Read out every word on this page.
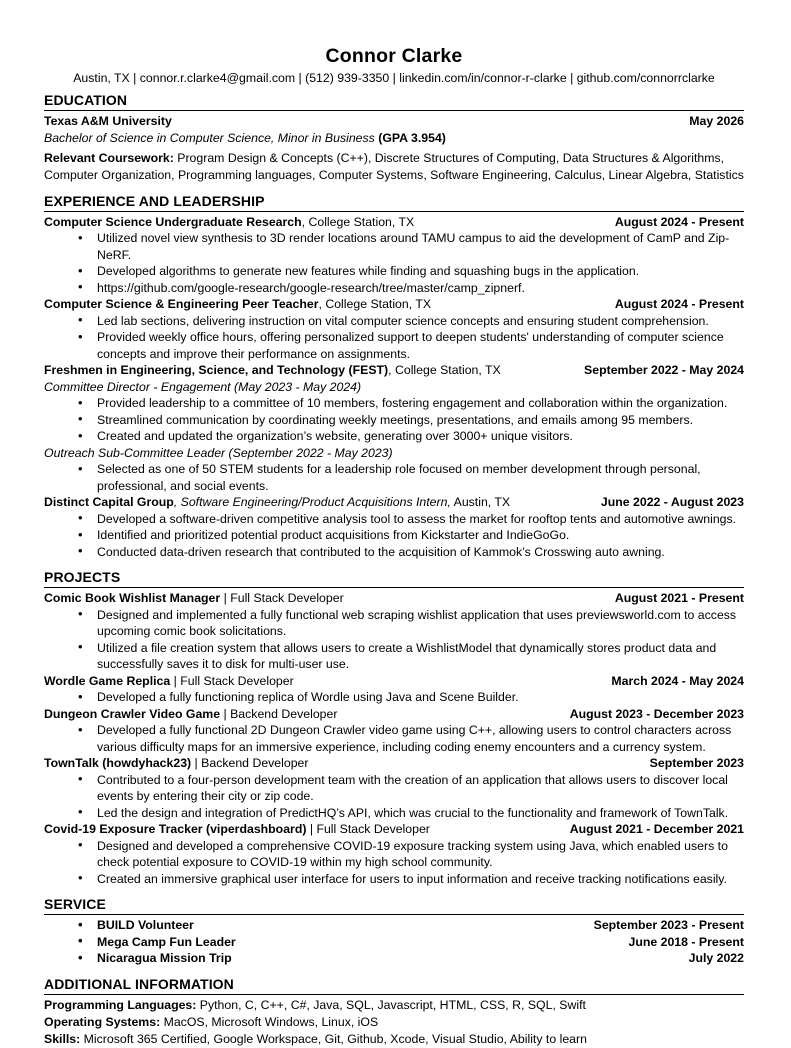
Connor Clarke
Austin, TX | connor.r.clarke4@gmail.com | (512) 939-3350 | linkedin.com/in/connor-r-clarke | github.com/connorrclarke
EDUCATION
Texas A&M University	May 2026
Bachelor of Science in Computer Science, Minor in Business (GPA 3.954)
Relevant Coursework: Program Design & Concepts (C++), Discrete Structures of Computing, Data Structures & Algorithms, Computer Organization, Programming languages, Computer Systems, Software Engineering, Calculus, Linear Algebra, Statistics
EXPERIENCE AND LEADERSHIP
Computer Science Undergraduate Research, College Station, TX	August 2024 - Present
• Utilized novel view synthesis to 3D render locations around TAMU campus to aid the development of CamP and Zip-NeRF.
• Developed algorithms to generate new features while finding and squashing bugs in the application.
• https://github.com/google-research/google-research/tree/master/camp_zipnerf.
Computer Science & Engineering Peer Teacher, College Station, TX	August 2024 - Present
• Led lab sections, delivering instruction on vital computer science concepts and ensuring student comprehension.
• Provided weekly office hours, offering personalized support to deepen students' understanding of computer science concepts and improve their performance on assignments.
Freshmen in Engineering, Science, and Technology (FEST), College Station, TX	September 2022 - May 2024
Committee Director - Engagement (May 2023 - May 2024)
• Provided leadership to a committee of 10 members, fostering engagement and collaboration within the organization.
• Streamlined communication by coordinating weekly meetings, presentations, and emails among 95 members.
• Created and updated the organization’s website, generating over 3000+ unique visitors.
Outreach Sub-Committee Leader (September 2022 - May 2023)
• Selected as one of 50 STEM students for a leadership role focused on member development through personal, professional, and social events.
Distinct Capital Group, Software Engineering/Product Acquisitions Intern, Austin, TX	June 2022 - August 2023
• Developed a software-driven competitive analysis tool to assess the market for rooftop tents and automotive awnings.
• Identified and prioritized potential product acquisitions from Kickstarter and IndieGoGo.
• Conducted data-driven research that contributed to the acquisition of Kammok’s Crosswing auto awning.
PROJECTS
Comic Book Wishlist Manager | Full Stack Developer	August 2021 - Present
• Designed and implemented a fully functional web scraping wishlist application that uses previewsworld.com to access upcoming comic book solicitations.
• Utilized a file creation system that allows users to create a WishlistModel that dynamically stores product data and successfully saves it to disk for multi-user use.
Wordle Game Replica | Full Stack Developer	March 2024 - May 2024
• Developed a fully functioning replica of Wordle using Java and Scene Builder.
Dungeon Crawler Video Game | Backend Developer	August 2023 - December 2023
• Developed a fully functional 2D Dungeon Crawler video game using C++, allowing users to control characters across various difficulty maps for an immersive experience, including coding enemy encounters and a currency system.
TownTalk (howdyhack23) | Backend Developer	September 2023
• Contributed to a four-person development team with the creation of an application that allows users to discover local events by entering their city or zip code.
• Led the design and integration of PredictHQ’s API, which was crucial to the functionality and framework of TownTalk.
Covid-19 Exposure Tracker (viperdashboard) | Full Stack Developer	August 2021 - December 2021
• Designed and developed a comprehensive COVID-19 exposure tracking system using Java, which enabled users to check potential exposure to COVID-19 within my high school community.
• Created an immersive graphical user interface for users to input information and receive tracking notifications easily.
SERVICE
• BUILD Volunteer	September 2023 - Present
• Mega Camp Fun Leader	June 2018 - Present
• Nicaragua Mission Trip	July 2022
ADDITIONAL INFORMATION
Programming Languages: Python, C, C++, C#, Java, SQL, Javascript, HTML, CSS, R, SQL, Swift
Operating Systems: MacOS, Microsoft Windows, Linux, iOS
Skills: Microsoft 365 Certified, Google Workspace, Git, Github, Xcode, Visual Studio, Ability to learn
